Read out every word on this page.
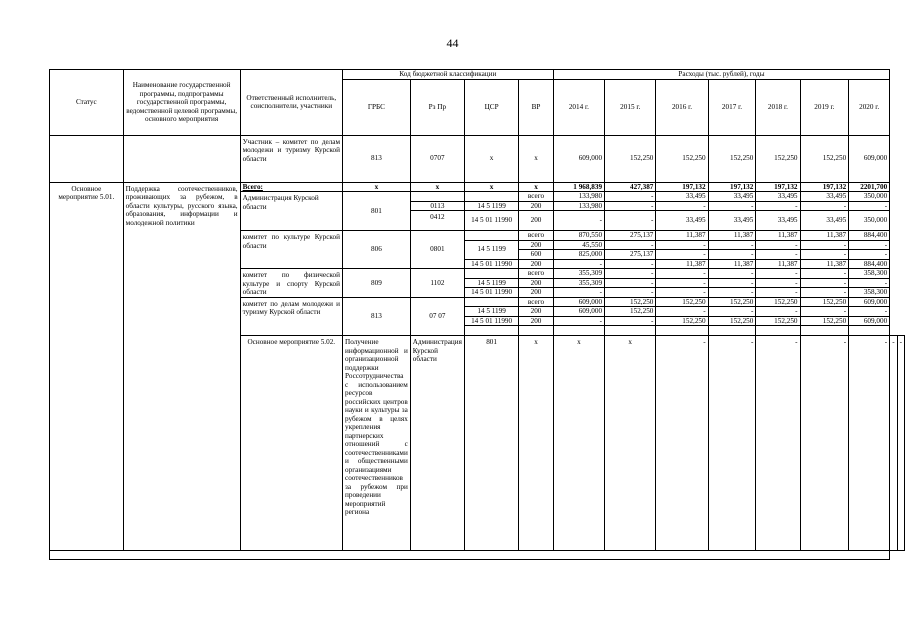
44
Статус	Наименование государственной программы, подпрограммы государственной программы, ведомственной целевой программы, основного мероприятия	Ответственный исполнитель, соисполнители, участники	Код бюджетной классификации				Расходы (тыс. рублей), годы								
			ГРБС	Рз Пр	ЦСР	ВР	2014 г.	2015 г.	2016 г.	2017 г.	2018 г.	2019 г.	2020 г.		
		Участник – комитет по делам молодежи и туризму Курской области	813	0707	x	x	609,000	152,250	152,250	152,250	152,250	152,250	609,000		
Основное мероприятие 5.01.	Поддержка соотечественников, проживающих за рубежом, в области культуры, русского языка, образования, информации и молодежной политики	Всего:	x	x	x	x	1 968,839	427,387	197,132	197,132	197,132	197,132	2201,700		
		Администрация Курской области	801			всего	133,980	-	33,495	33,495	33,495	33,495	350,000		
				0113	14 5 1199	200	133,980	-	-	-	-	-	-		
				0412	14 5 01 11990	200	-	-	33,495	33,495	33,495	33,495	350,000		
		комитет по культуре Курской области	806	0801		всего	870,550	275,137	11,387	11,387	11,387	11,387	884,400		
					14 5 1199	200	45,550	-	-	-	-	-	-		
						600	825,000	275,137	-	-	-	-	-		
					14 5 01 11990	200	-	-	11,387	11,387	11,387	11,387	884,400		
		комитет по физической культуре и спорту Курской области	809	1102		всего	355,309	-	-	-	-	-	358,300		
					14 5 1199	200	355,309	-	-	-	-	-	-		
					14 5 01 11990	200	-	-	-	-	-	-	358,300		
		комитет по делам молодежи и туризму Курской области	813	07 07		всего	609,000	152,250	152,250	152,250	152,250	152,250	609,000		
					14 5 1199	200	609,000	152,250	-	-	-	-	-		
					14 5 01 11990	200	-	-	152,250	152,250	152,250	152,250	609,000		

		Основное мероприятие 5.02.	Получение информационной и организационной поддержки Россотрудничества с использованием ресурсов российских центров науки и культуры за рубежом в целях укрепления партнерских отношений с соотечественниками и общественными организациями соотечественников за рубежом при проведении мероприятий региона	Администрация Курской области	801	x	x	x	-	-	-	-	-	-	-
